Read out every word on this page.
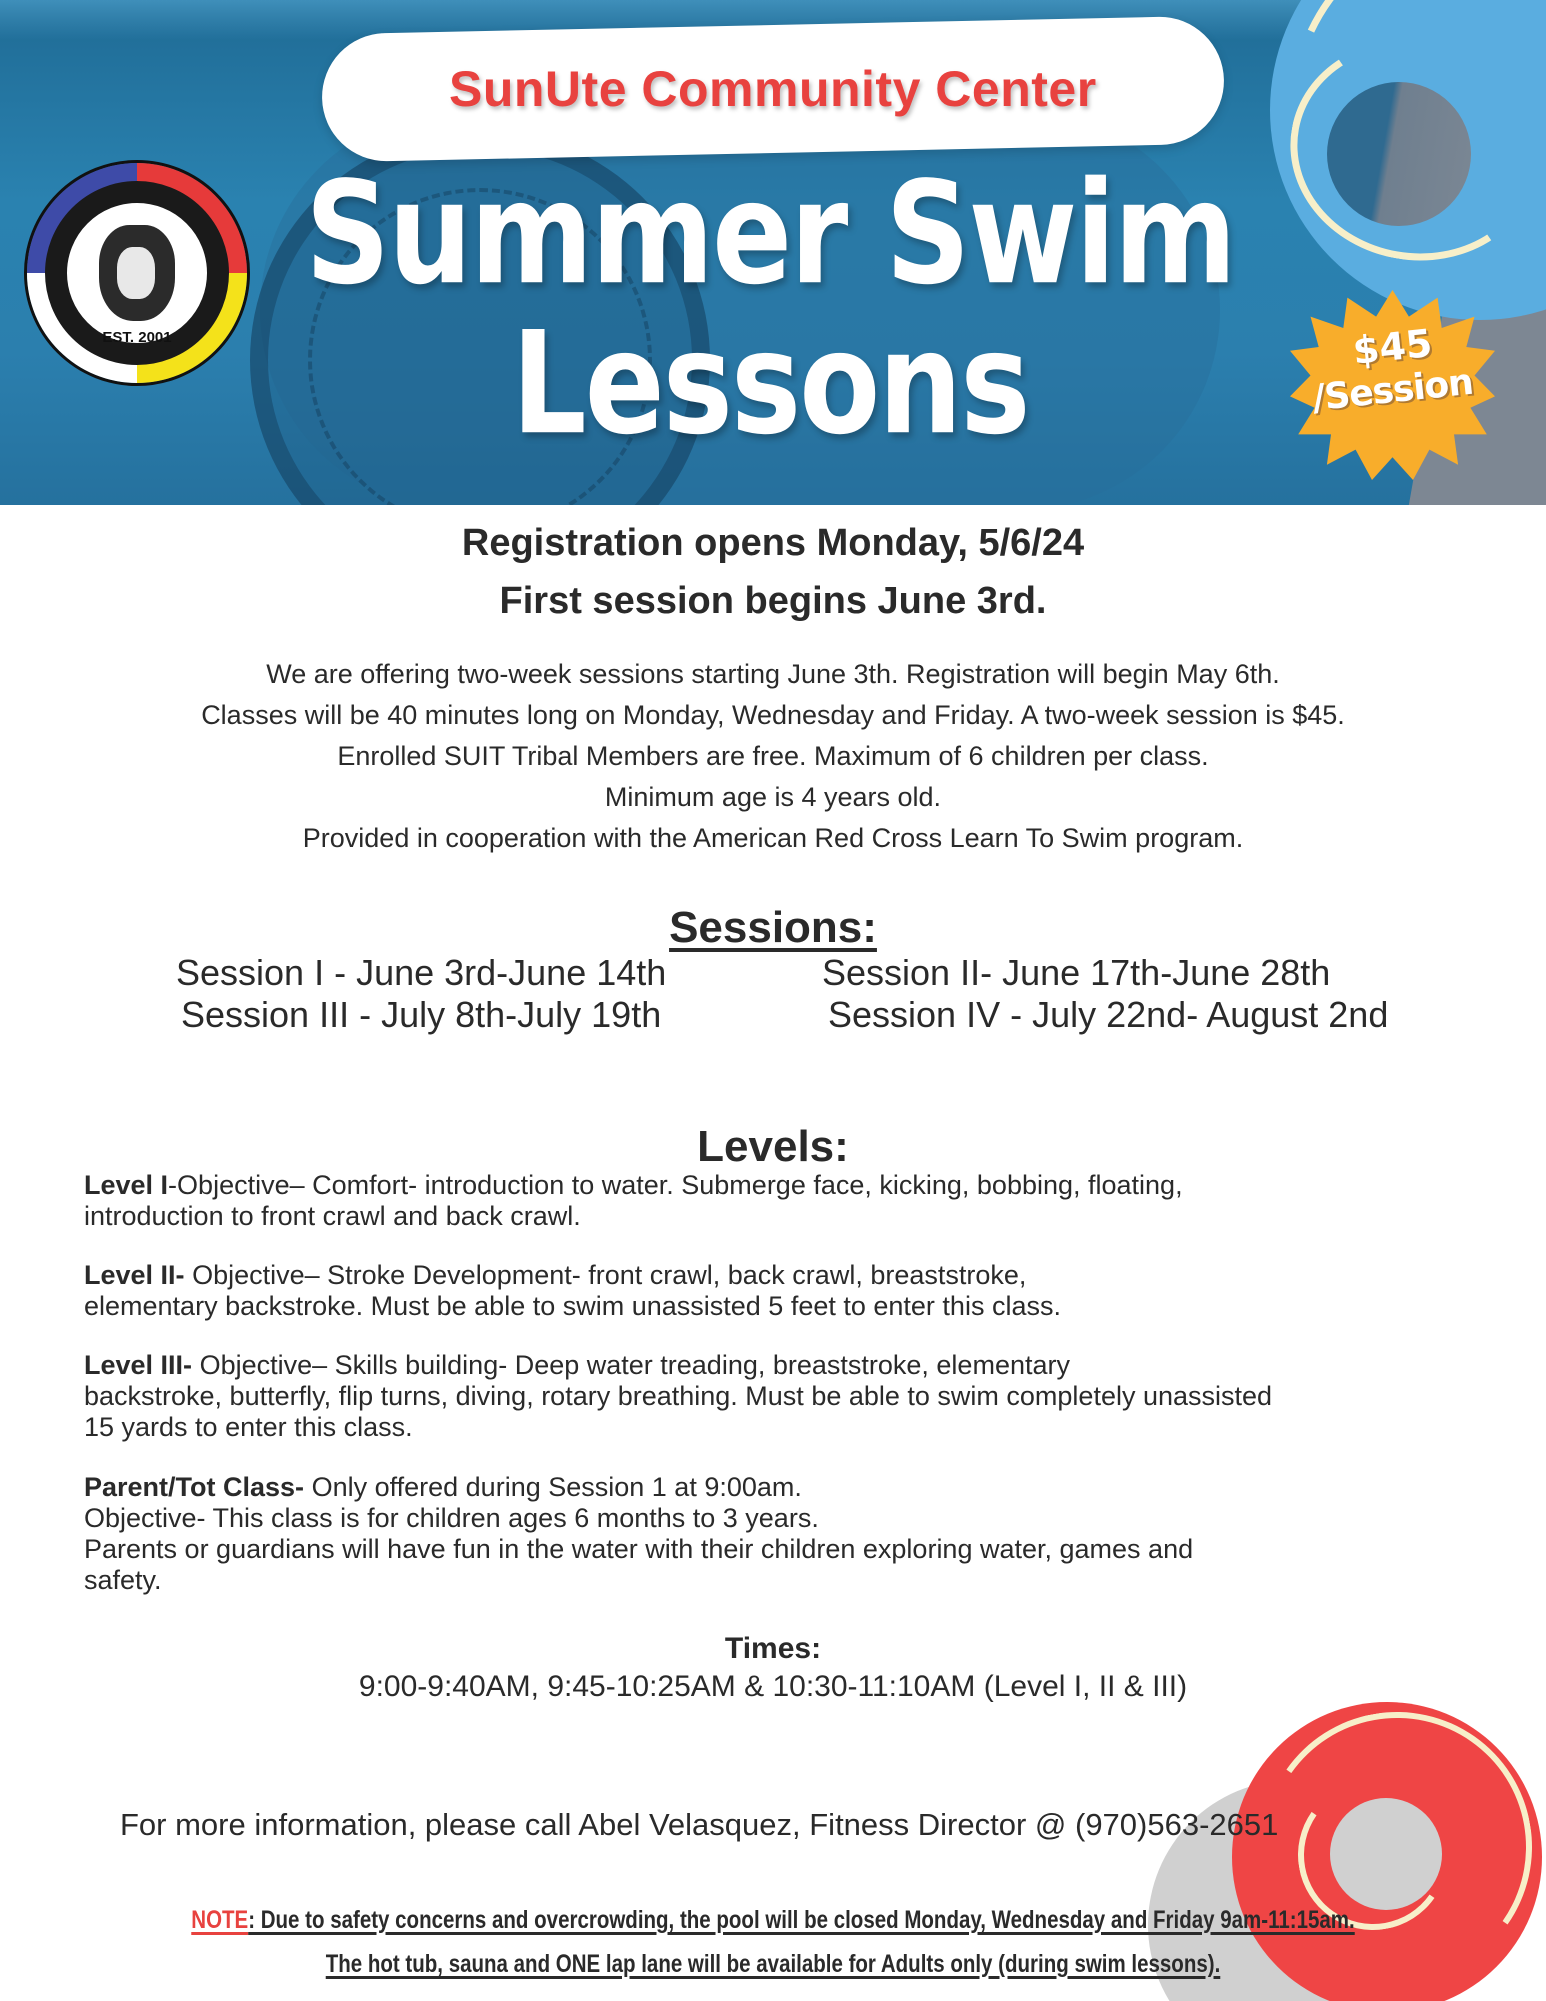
SunUte Community Center
Summer Swim
Lessons
EST. 2001	$45
/Session
Registration opens Monday, 5/6/24
First session begins June 3rd.
We are offering two-week sessions starting June 3th. Registration will begin May 6th.
Classes will be 40 minutes long on Monday, Wednesday and Friday. A two-week session is $45.
Enrolled SUIT Tribal Members are free. Maximum of 6 children per class.
Minimum age is 4 years old.
Provided in cooperation with the American Red Cross Learn To Swim program.
Sessions:
Session I - June 3rd-June 14th	Session II- June 17th-June 28th
Session III - July 8th-July 19th	Session IV - July 22nd- August 2nd
Levels:
Level I-Objective– Comfort- introduction to water. Submerge face, kicking, bobbing, floating,
introduction to front crawl and back crawl.
Level II- Objective– Stroke Development- front crawl, back crawl, breaststroke,
elementary backstroke. Must be able to swim unassisted 5 feet to enter this class.
Level III- Objective– Skills building- Deep water treading, breaststroke, elementary
backstroke, butterfly, flip turns, diving, rotary breathing. Must be able to swim completely unassisted
15 yards to enter this class.
Parent/Tot Class- Only offered during Session 1 at 9:00am.
Objective- This class is for children ages 6 months to 3 years.
Parents or guardians will have fun in the water with their children exploring water, games and
safety.
Times:
9:00-9:40AM, 9:45-10:25AM & 10:30-11:10AM (Level I, II & III)
For more information, please call Abel Velasquez, Fitness Director @ (970)563-2651
NOTE: Due to safety concerns and overcrowding, the pool will be closed Monday, Wednesday and Friday 9am-11:15am.
The hot tub, sauna and ONE lap lane will be available for Adults only (during swim lessons).
